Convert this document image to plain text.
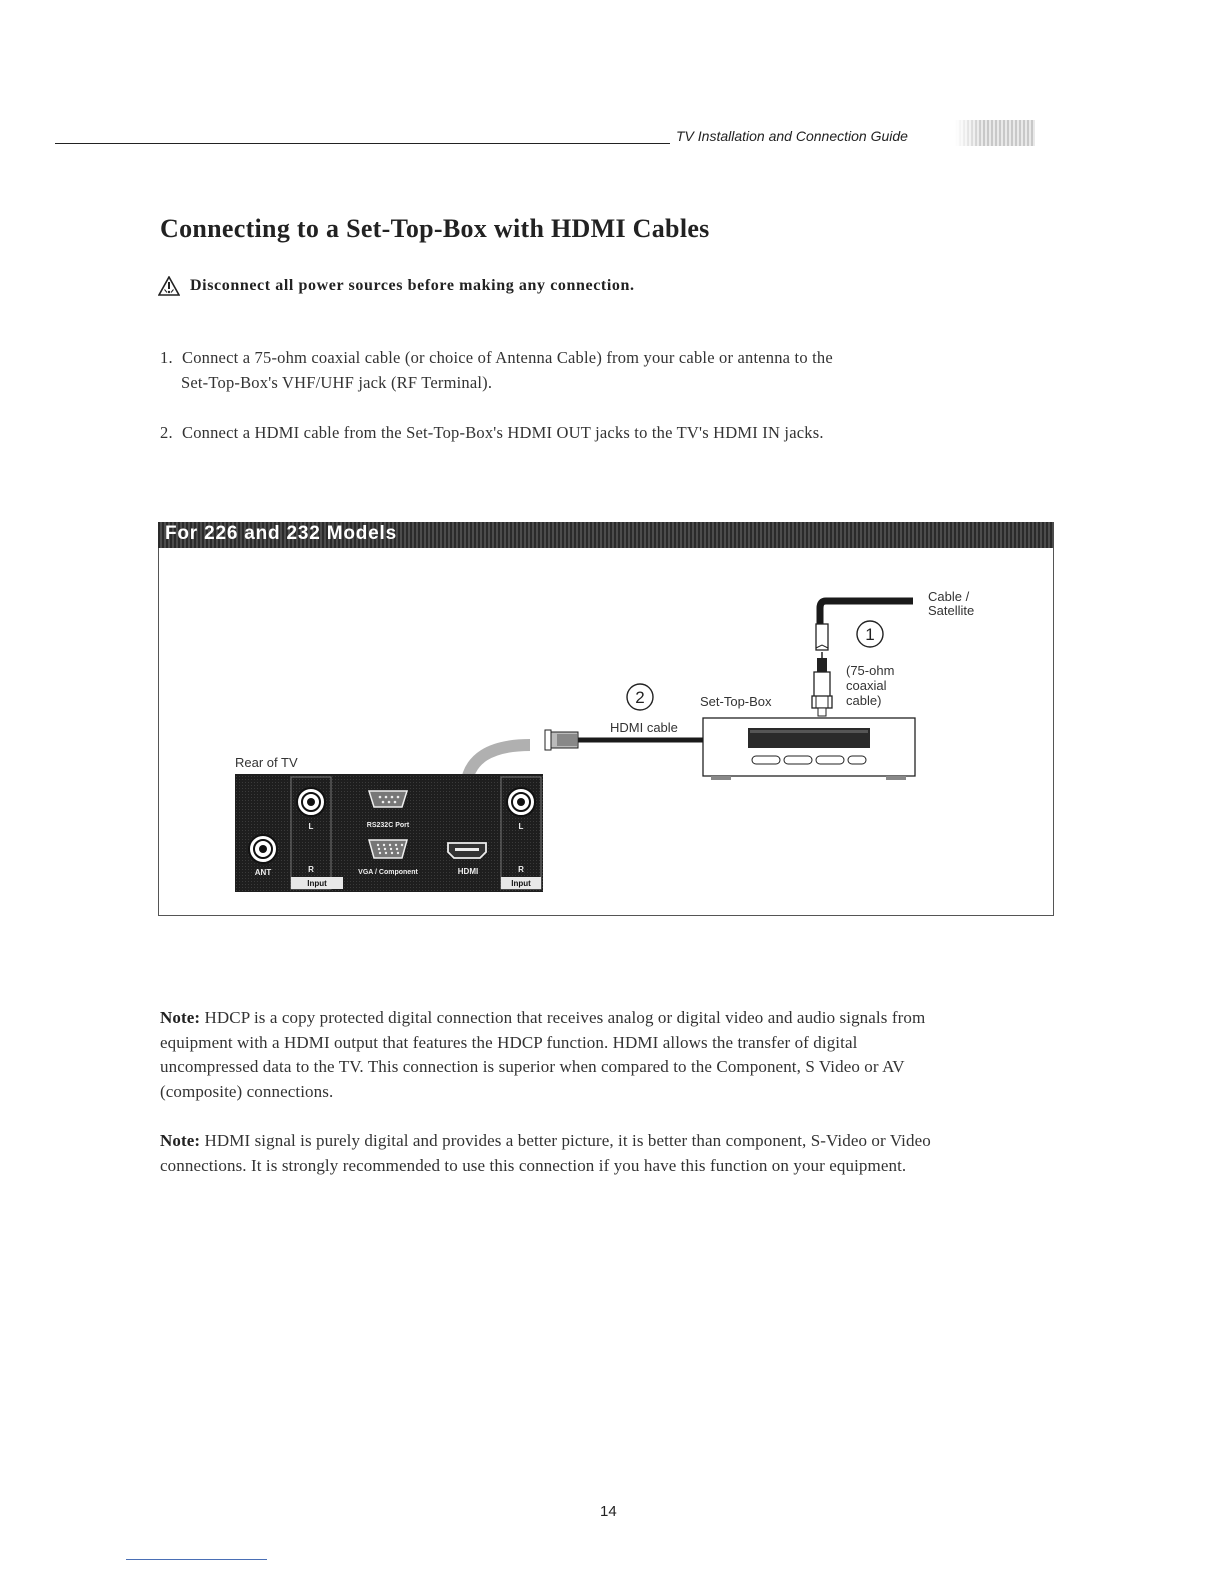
TV Installation and Connection Guide
Connecting to a Set-Top-Box with HDMI Cables
Disconnect all power sources before making any connection.
1. Connect a 75-ohm coaxial cable (or choice of Antenna Cable) from your cable or antenna to the
Set-Top-Box's VHF/UHF jack (RF Terminal).
2. Connect a HDMI cable from the Set-Top-Box's HDMI OUT jacks to the TV's HDMI IN jacks.
For 226 and 232 Models
Cable /
Satellite
1
(75-ohm
coaxial
cable)
2	Set-Top-Box
HDMI cable
Rear of TV
ANT
L
R
Input
RS232C Port
VGA / Component	HDMI
L
R
Input
Note: HDCP is a copy protected digital connection that receives analog or digital video and audio signals from
equipment with a HDMI output that features the HDCP function. HDMI allows the transfer of digital
uncompressed data to the TV. This connection is superior when compared to the Component, S Video or AV
(composite) connections.
Note: HDMI signal is purely digital and provides a better picture, it is better than component, S-Video or Video
connections. It is strongly recommended to use this connection if you have this function on your equipment.
14
